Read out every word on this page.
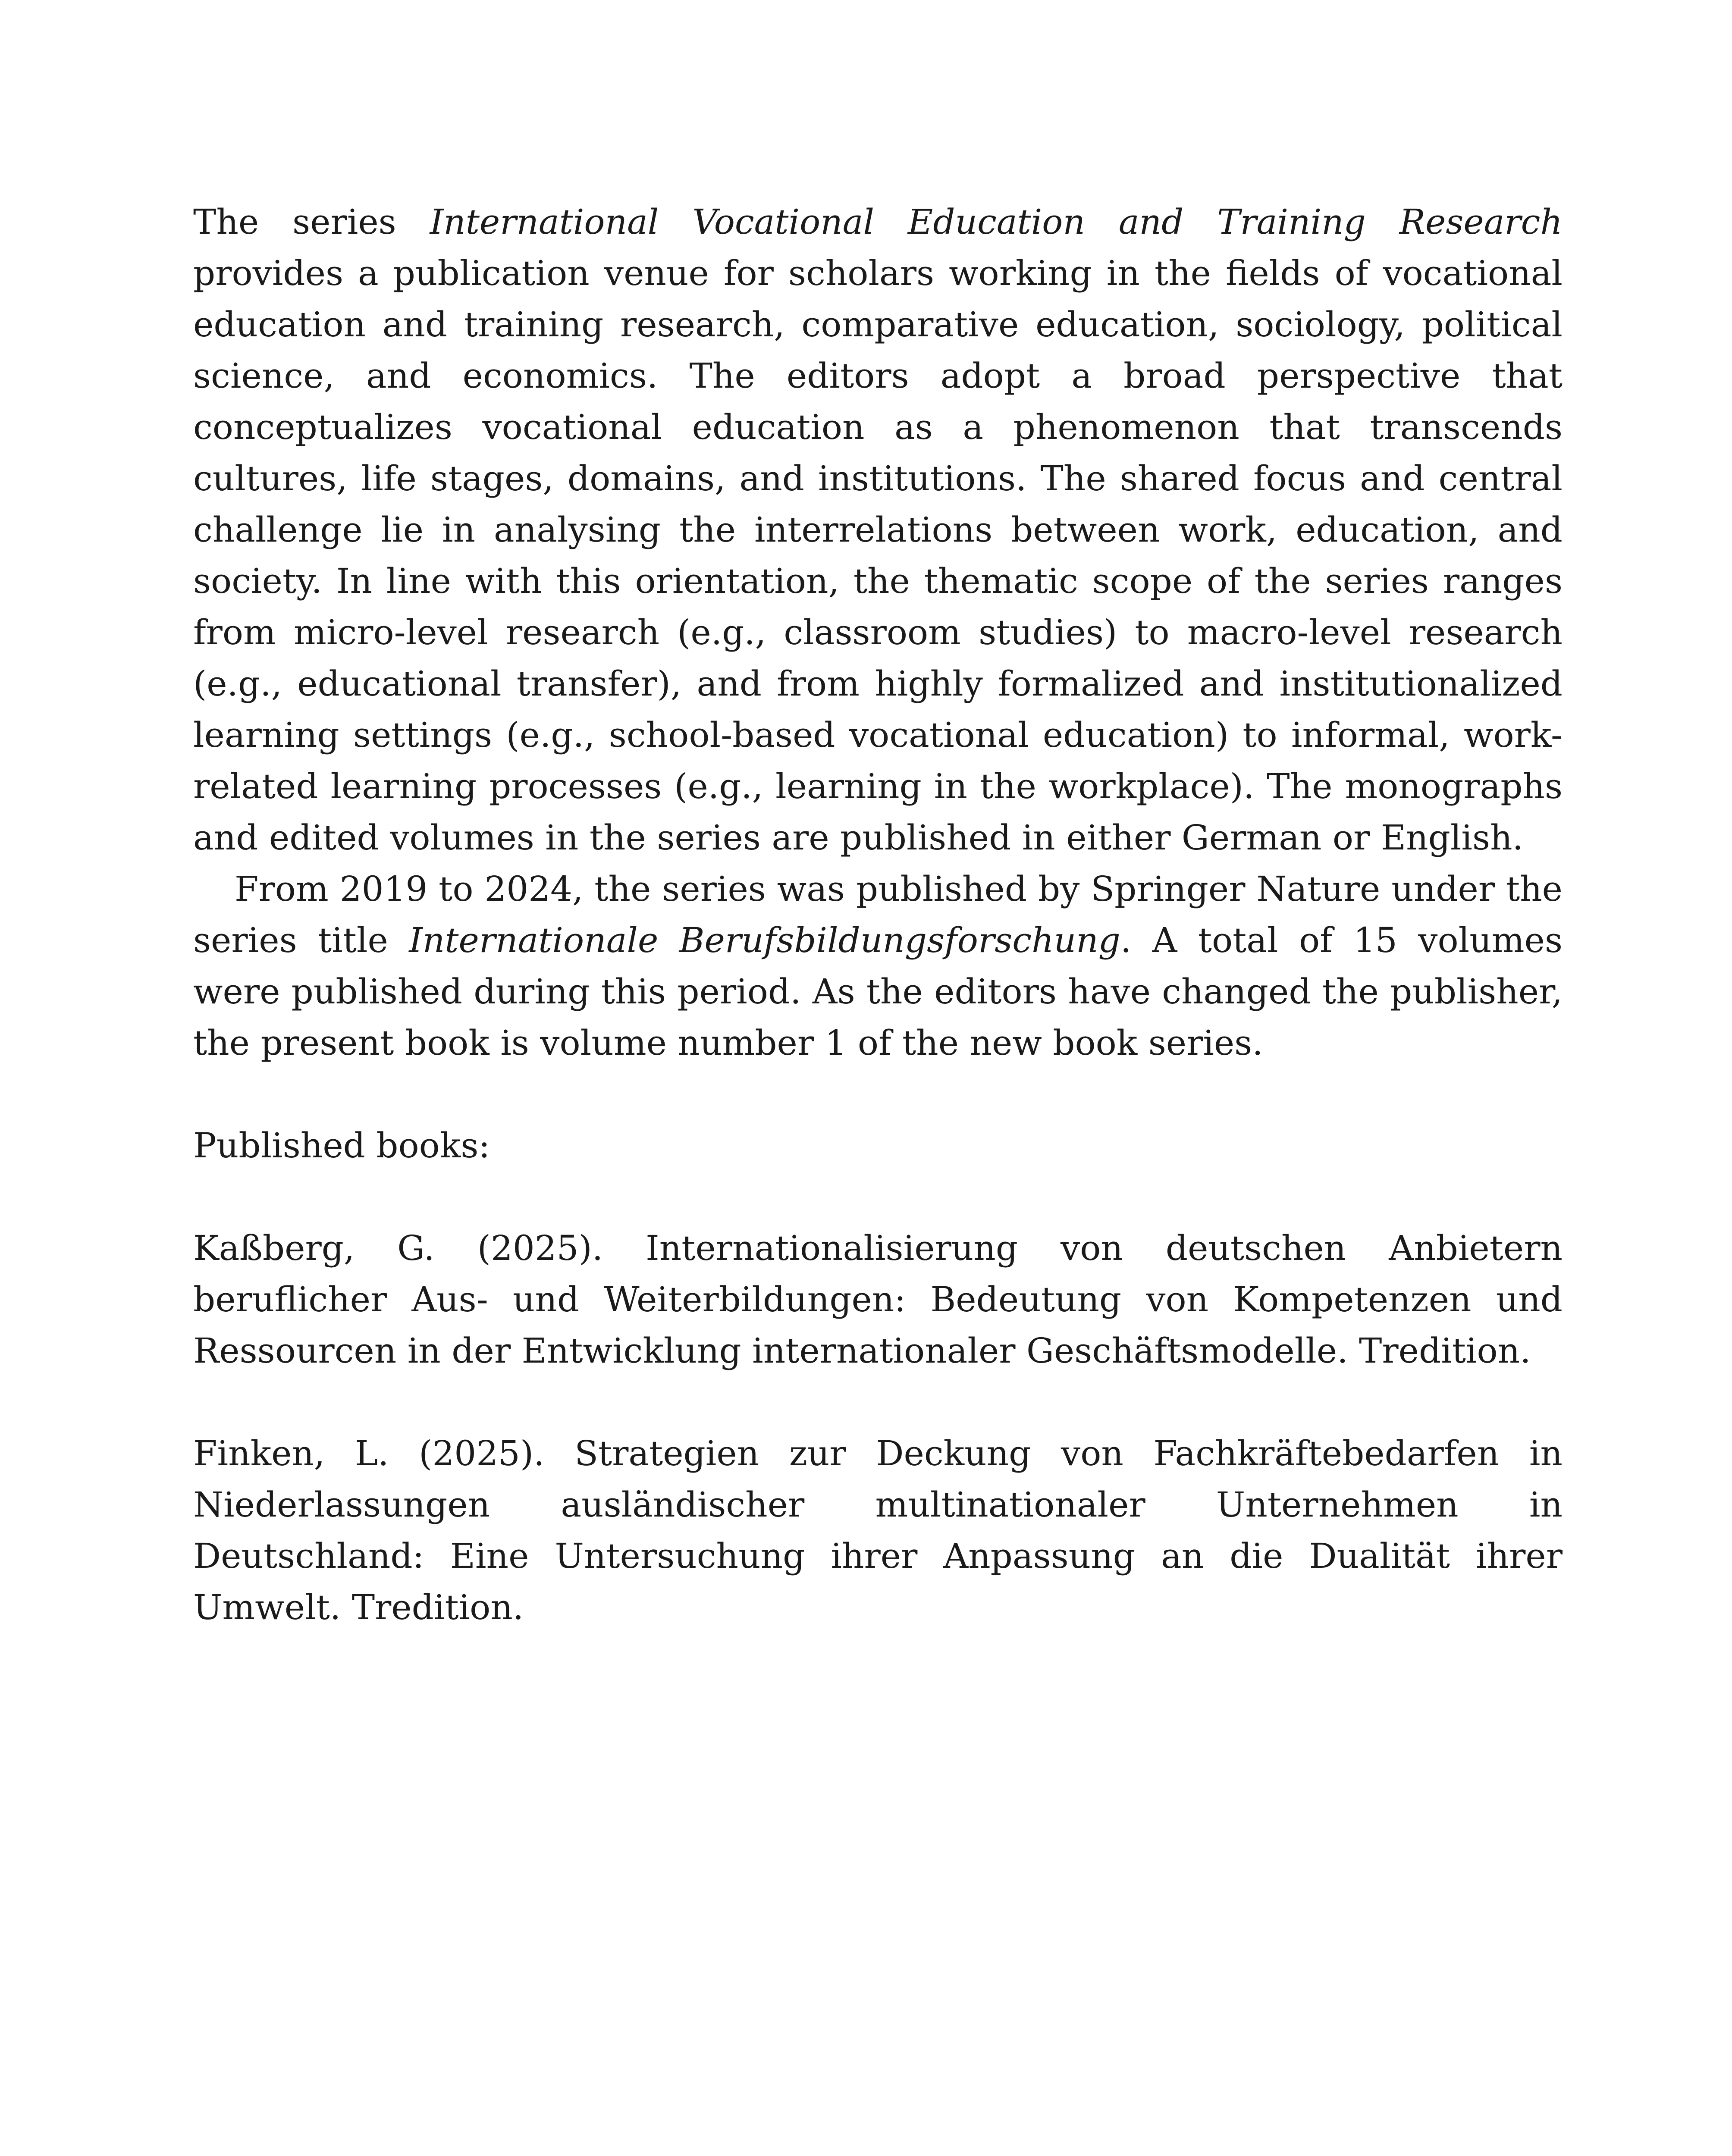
The series International Vocational Education and Training Research provides a publication venue for scholars working in the fields of vocational education and training research, comparative education, sociology, political science, and economics. The editors adopt a broad perspective that conceptualizes vocational education as a phenomenon that transcends cultures, life stages, domains, and institutions. The shared focus and central challenge lie in analysing the interrelations between work, education, and society. In line with this orientation, the thematic scope of the series ranges from micro-level research (e.g., classroom studies) to macro-level research (e.g., educational transfer), and from highly formalized and institutionalized learning settings (e.g., school-based vocational education) to informal, work-related learning processes (e.g., learning in the workplace). The monographs and edited volumes in the series are published in either German or English.

From 2019 to 2024, the series was published by Springer Nature under the series title Internationale Berufsbildungsforschung. A total of 15 volumes were published during this period. As the editors have changed the publisher, the present book is volume number 1 of the new book series.

Published books:

Kaßberg, G. (2025). Internationalisierung von deutschen Anbietern beruflicher Aus- und Weiterbildungen: Bedeutung von Kompetenzen und Ressourcen in der Entwicklung internationaler Geschäftsmodelle. Tredition.

Finken, L. (2025). Strategien zur Deckung von Fachkräftebedarfen in Niederlassungen ausländischer multinationaler Unternehmen in Deutschland: Eine Untersuchung ihrer Anpassung an die Dualität ihrer Umwelt. Tredition.
